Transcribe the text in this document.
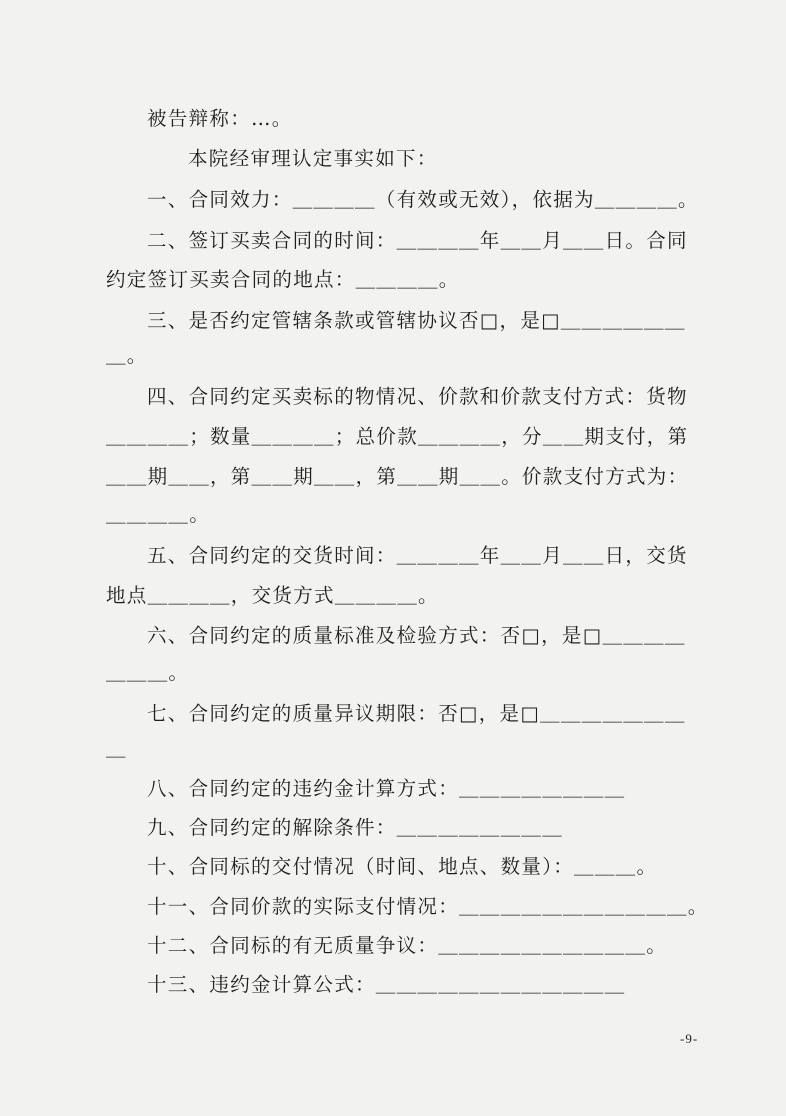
被告辩称：…。

本院经审理认定事实如下：

一、合同效力：＿＿＿＿（有效或无效），依据为＿＿＿＿。

二、签订买卖合同的时间：＿＿＿＿年＿＿月＿＿日。合同

约定签订买卖合同的地点：＿＿＿＿。

三、是否约定管辖条款或管辖协议否□，是□＿＿＿＿＿＿

＿。

四、合同约定买卖标的物情况、价款和价款支付方式：货物

＿＿＿＿；数量＿＿＿＿；总价款＿＿＿＿，分＿＿期支付，第

＿＿期＿＿，第＿＿期＿＿，第＿＿期＿＿。价款支付方式为：

＿＿＿＿。

五、合同约定的交货时间：＿＿＿＿年＿＿月＿＿日，交货

地点＿＿＿＿，交货方式＿＿＿＿。

六、合同约定的质量标准及检验方式：否□，是□＿＿＿＿

＿＿＿。

七、合同约定的质量异议期限：否□，是□＿＿＿＿＿＿＿

＿

八、合同约定的违约金计算方式：＿＿＿＿＿＿＿＿

九、合同约定的解除条件：＿＿＿＿＿＿＿＿

十、合同标的交付情况（时间、地点、数量）：＿＿＿。

十一、合同价款的实际支付情况：＿＿＿＿＿＿＿＿＿＿＿。

十二、合同标的有无质量争议：＿＿＿＿＿＿＿＿＿＿。

十三、违约金计算公式：＿＿＿＿＿＿＿＿＿＿＿＿

-9-
